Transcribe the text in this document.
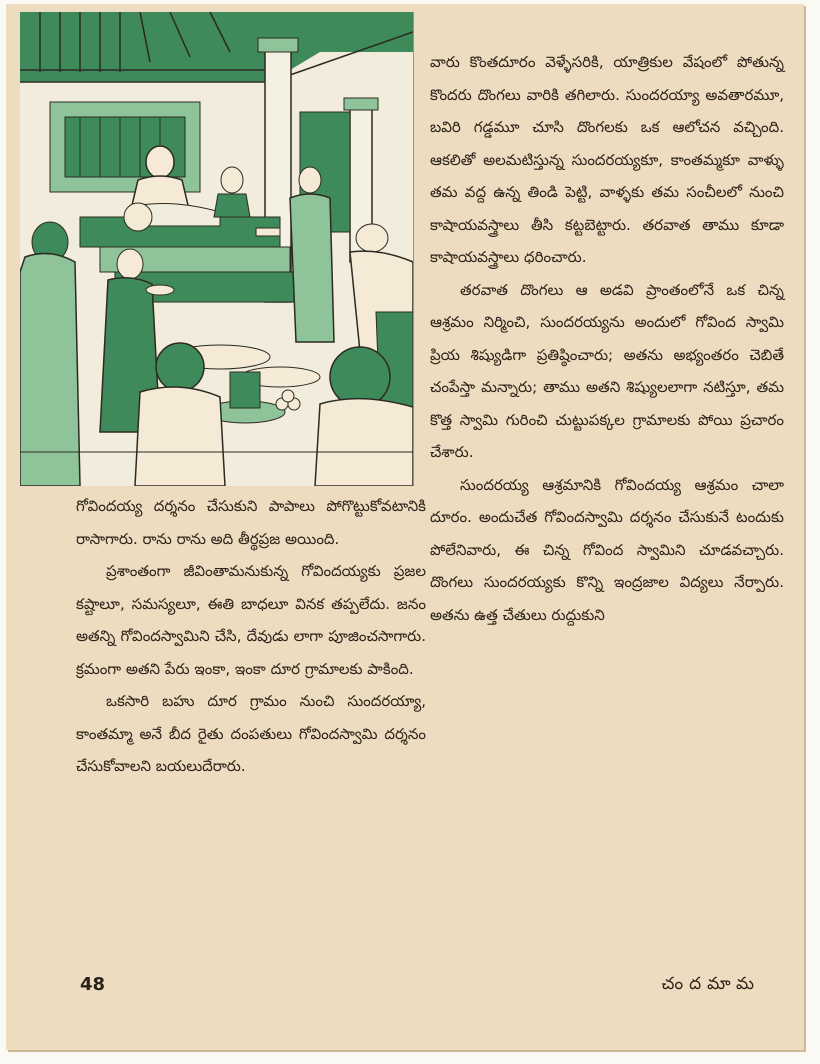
వారు కొంతదూరం వెళ్ళేసరికి, యాత్రికుల వేషంలో పోతున్న కొందరు దొంగలు వారికి తగిలారు. సుందరయ్యా అవతారమూ, బవిరి గడ్డమూ చూసి దొంగలకు ఒక ఆలోచన వచ్చింది. ఆకలితో అలమటిస్తున్న సుందరయ్యకూ, కాంతమ్మకూ వాళ్ళు తమ వద్ద ఉన్న తిండి పెట్టి, వాళ్ళకు తమ సంచీలలో నుంచి కాషాయవస్త్రాలు తీసి కట్టబెట్టారు. తరవాత తాము కూడా కాషాయవస్త్రాలు ధరించారు.

తరవాత దొంగలు ఆ అడవి ప్రాంతంలోనే ఒక చిన్న ఆశ్రమం నిర్మించి, సుందరయ్యను అందులో గోవింద స్వామి ప్రియ శిష్యుడిగా ప్రతిష్ఠించారు; అతను అభ్యంతరం చెబితే చంపేస్తా మన్నారు; తాము అతని శిష్యులలాగా నటిస్తూ, తమ కొత్త స్వామి గురించి చుట్టుపక్కల గ్రామాలకు పోయి ప్రచారం చేశారు.

సుందరయ్య ఆశ్రమానికి గోవిందయ్య ఆశ్రమం చాలా దూరం. అందుచేత గోవిందస్వామి దర్శనం చేసుకునే టందుకు పోలేనివారు, ఈ చిన్న గోవింద స్వామిని చూడవచ్చారు. దొంగలు సుందరయ్యకు కొన్ని ఇంద్రజాల విద్యలు నేర్పారు. అతను ఉత్త చేతులు రుద్దుకుని

గోవిందయ్య దర్శనం చేసుకుని పాపాలు పోగొట్టుకోవటానికి రాసాగారు. రాను రాను అది తీర్థప్రజ అయింది.

ప్రశాంతంగా జీవింతామనుకున్న గోవిందయ్యకు ప్రజల కష్టాలూ, సమస్యలూ, ఈతి బాధలూ వినక తప్పలేదు. జనం అతన్ని గోవిందస్వామిని చేసి, దేవుడు లాగా పూజించసాగారు. క్రమంగా అతని పేరు ఇంకా, ఇంకా దూర గ్రామాలకు పాకింది.

ఒకసారి బహు దూర గ్రామం నుంచి సుందరయ్యా, కాంతమ్మా అనే బీద రైతు దంపతులు గోవిందస్వామి దర్శనం చేసుకోవాలని బయలుదేరారు.

48	చందమామ
